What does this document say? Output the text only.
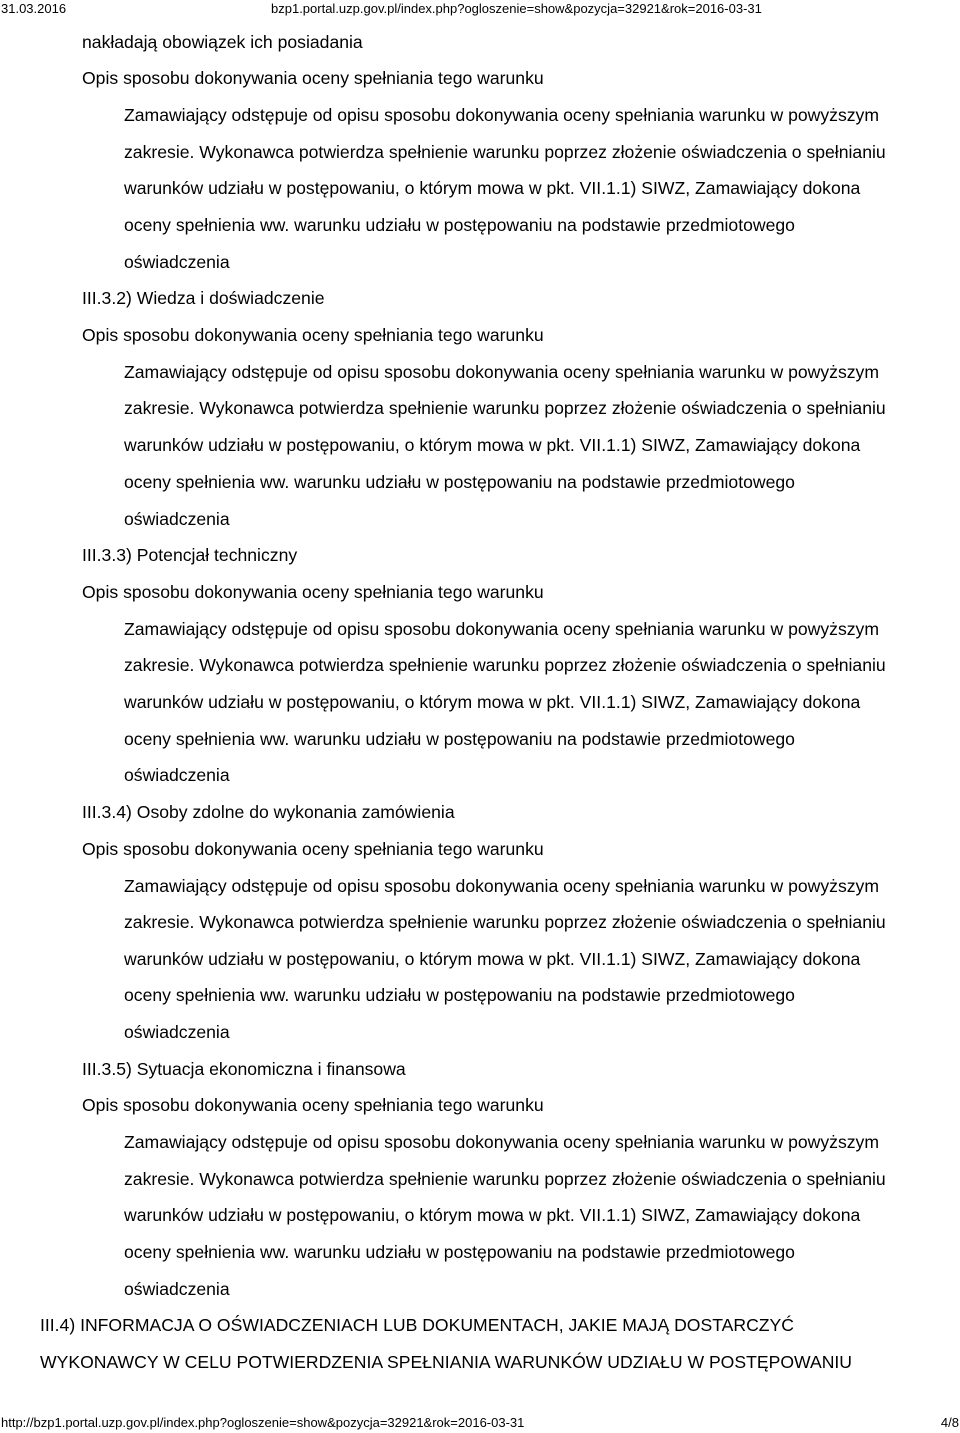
31.03.2016	bzp1.portal.uzp.gov.pl/index.php?ogloszenie=show&pozycja=32921&rok=2016-03-31
nakładają obowiązek ich posiadania
Opis sposobu dokonywania oceny spełniania tego warunku
Zamawiający odstępuje od opisu sposobu dokonywania oceny spełniania warunku w powyższym
zakresie. Wykonawca potwierdza spełnienie warunku poprzez złożenie oświadczenia o spełnianiu
warunków udziału w postępowaniu, o którym mowa w pkt. VII.1.1) SIWZ, Zamawiający dokona
oceny spełnienia ww. warunku udziału w postępowaniu na podstawie przedmiotowego
oświadczenia
III.3.2) Wiedza i doświadczenie
Opis sposobu dokonywania oceny spełniania tego warunku
Zamawiający odstępuje od opisu sposobu dokonywania oceny spełniania warunku w powyższym
zakresie. Wykonawca potwierdza spełnienie warunku poprzez złożenie oświadczenia o spełnianiu
warunków udziału w postępowaniu, o którym mowa w pkt. VII.1.1) SIWZ, Zamawiający dokona
oceny spełnienia ww. warunku udziału w postępowaniu na podstawie przedmiotowego
oświadczenia
III.3.3) Potencjał techniczny
Opis sposobu dokonywania oceny spełniania tego warunku
Zamawiający odstępuje od opisu sposobu dokonywania oceny spełniania warunku w powyższym
zakresie. Wykonawca potwierdza spełnienie warunku poprzez złożenie oświadczenia o spełnianiu
warunków udziału w postępowaniu, o którym mowa w pkt. VII.1.1) SIWZ, Zamawiający dokona
oceny spełnienia ww. warunku udziału w postępowaniu na podstawie przedmiotowego
oświadczenia
III.3.4) Osoby zdolne do wykonania zamówienia
Opis sposobu dokonywania oceny spełniania tego warunku
Zamawiający odstępuje od opisu sposobu dokonywania oceny spełniania warunku w powyższym
zakresie. Wykonawca potwierdza spełnienie warunku poprzez złożenie oświadczenia o spełnianiu
warunków udziału w postępowaniu, o którym mowa w pkt. VII.1.1) SIWZ, Zamawiający dokona
oceny spełnienia ww. warunku udziału w postępowaniu na podstawie przedmiotowego
oświadczenia
III.3.5) Sytuacja ekonomiczna i finansowa
Opis sposobu dokonywania oceny spełniania tego warunku
Zamawiający odstępuje od opisu sposobu dokonywania oceny spełniania warunku w powyższym
zakresie. Wykonawca potwierdza spełnienie warunku poprzez złożenie oświadczenia o spełnianiu
warunków udziału w postępowaniu, o którym mowa w pkt. VII.1.1) SIWZ, Zamawiający dokona
oceny spełnienia ww. warunku udziału w postępowaniu na podstawie przedmiotowego
oświadczenia
III.4) INFORMACJA O OŚWIADCZENIACH LUB DOKUMENTACH, JAKIE MAJĄ DOSTARCZYĆ
WYKONAWCY W CELU POTWIERDZENIA SPEŁNIANIA WARUNKÓW UDZIAŁU W POSTĘPOWANIU
http://bzp1.portal.uzp.gov.pl/index.php?ogloszenie=show&pozycja=32921&rok=2016-03-31	4/8
